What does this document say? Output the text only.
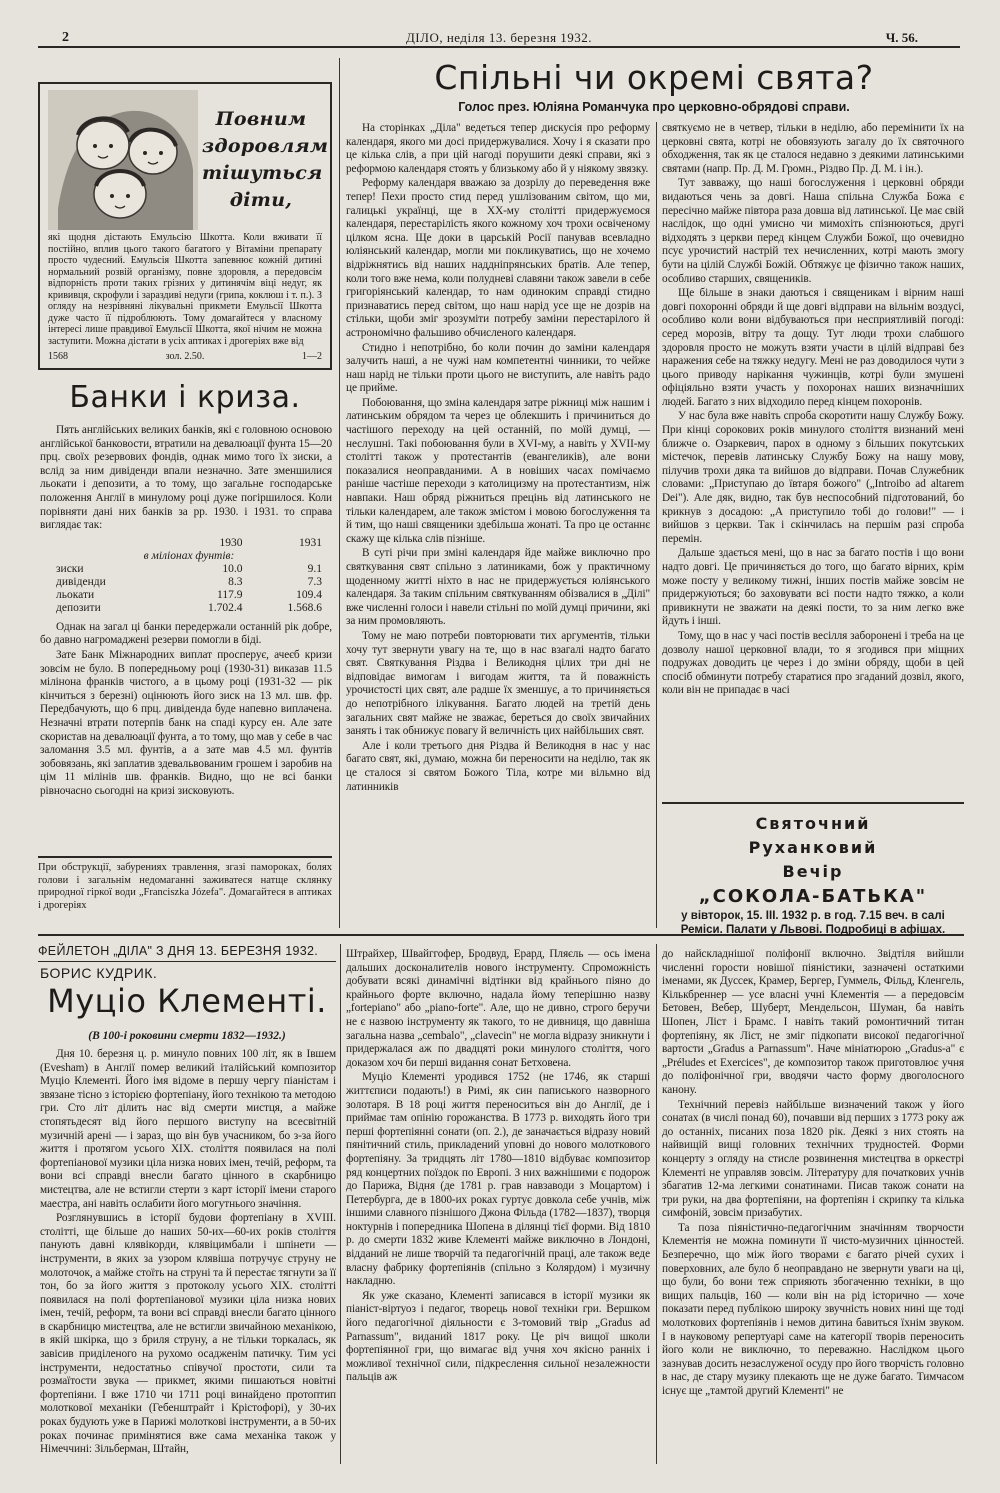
2	ДІЛО, неділя 13. березня 1932.	Ч. 56.
Повним
здоровлям
тішуться
діти,
які щодня дістають Емульсію Шкотта. Коли вживати її постійно, вплив цього такого багатого у Вітаміни препарату просто чудесний. Емульсія Шкотта запевнює кожній дитині нормальний розвій організму, повне здоровля, а передовсім відпорність проти таких грізних у дитинячім віці недуг, як крививця, скрофули і зараздиві недуги (грипа, коклюш і т. п.). З огляду на незрівняні лікувальні прикмети Емульсії Шкотта дуже часто її підроблюють. Тому домагайтеся у власному інтересі лише правдивої Емульсії Шкотта, якої нічим не можна заступити. Можна дістати в усіх аптиках і дрогеріях вже від
1568	зол. 2.50.	1—2
Банки і криза.

Пять англійських великих банків, які є головною основою англійської банковости, втратили на девалюації фунта 15—20 прц. своїх резервових фондів, однак мимо того їх зиски, а вслід за ним дивіденди впали незначно. Зате зменшилися льокати і депозити, а то тому, що загальне господарське положення Англії в минулому році дуже погіршилося. Коли порівняти дані них банків за рр. 1930. і 1931. то справа виглядає так:

	1930	1931
в міліонах фунтів:		
зиски	10.0	9.1
дивіденди	8.3	7.3
льокати	117.9	109.4
депозити	1.702.4	1.568.6

Однак на загал ці банки передержали останній рік добре, бо давно нагромаджені резерви помогли в біді.

Зате Банк Міжнародних виплат проспеpує, ачеєб кризи зовсім не було. В попередньому році (1930-31) виказав 11.5 мілінона франків чистого, а в цьому році (1931-32 — рік кінчиться з березні) оцінюють його зиск на 13 мл. шв. фр. Передбачують, що 6 прц. дивіденда буде напевно виплачена. Незначні втрати потерпів банк на спаді курсу ен. Але зате скористав на девалюації фунта, а то тому, що мав у себе в час заломання 3.5 мл. фунтів, а а зате мав 4.5 мл. фунтів зобовязань, які заплатив здевальвованим грошем і заробив на цім 11 мілінів шв. франків. Видно, що не всі банки рівночасно сьогодні на кризі зисковують.

При обструкції, забурениях травлення, згазі памороках, болях голови і загальнім недомаганні заживатеся натще склянку природної гіркої води „Franciszka Józefa". Домагайтеся в аптиках і дрогеріях
Спільні чи окремі свята?
Голос през. Юліяна Романчука про церковно-обрядові справи.

На сторінках „Діла" ведеться тепер дискусія про реформу календаря, якого ми досі придержувалися. Хочу і я сказати про це кілька слів, а при цій нагоді порушити деякі справи, які з реформою календаря стоять у близькому або й у ніякому звязку.

Реформу календаря вважаю за дозрілу до переведення вже тепер! Пехи просто стид перед ушлізованим світом, що ми, галицькі українці, ще в XX-му столітті придержуємося календаря, перестарілість якого кожному хоч трохи освіченому цілком ясна. Ще доки в царській Росії панував всевладно юліянський календар, могли ми покликуватись, що не хочемо відріжнятись від наших наддніпрянських братів. Але тепер, коли того вже нема, коли полудневі славяни також завели в себе григоріянський календар, то нам одиноким справді стидно признаватись перед світом, що наш нарід усе ще не дозрів на стільки, щоби зміг зрозуміти потребу заміни перестарілого й астрономічно фальшиво обчисленого календаря.

Стидно і непотрібно, бо коли почин до заміни календаря залучить наші, а не чужі нам компетентні чинники, то чейже наш нарід не тільки проти цього не виступить, але навіть радо це прийме.

Побоювання, що зміна календаря затре ріжниці між нашим і латинським обрядом та через це облекшить і причиниться до частішого переходу на цей останній, по моїй думці, — неслушні. Такі побоювання були в XVI-му, а навіть у XVII-му столітті також у протестантів (евангеликів), але вони показалися неоправданими. А в новіших часах помічаємо раніше частіше переходи з католицизму на протестантизм, ніж навпаки. Наш обряд ріжниться прецінь від латинського не тільки календарем, але також змістом і мовою богослуження та й тим, що наші священики здебільша жонаті. Та про це останнє скажу ще кілька слів пізніше.

В суті річи при зміні календаря йде майже виключно про святкування свят спільно з латиниками, бож у практичному щоденному житті ніхто в нас не придержується юліянського календаря. За таким спільним святкуванням обізвалися в „Ділі" вже численні голоси і навели стільні по моїй думці причини, які за ним промовляють.

Тому не маю потреби повторювати тих аргументів, тільки хочу тут звернути увагу на те, що в нас взагалі надто багато свят. Святкування Різдва і Великодня цілих три дні не відповідає вимогам і вигодам життя, та й поважність урочистості цих свят, але радше їх зменшує, а то причиняється до непотрібного ілікування. Багато людей на третій день загальних свят майже не зважає, береться до своїх звичайних занять і так обнижує повагу й величність цих найбільших свят.

Але і коли третього дня Різдва й Великодня в нас у нас багато свят, які, думаю, можна би переносити на неділю, так як це сталося зі святом Божого Тіла, котре ми вільмно від латинників

святкуємо не в четвер, тільки в неділю, або перемінити їх на церковні свята, котрі не обовязують загалу до їх святочного обходження, так як це сталося недавно з деякими латинськими святами (напр. Пр. Д. М. Громн., Різдво Пр. Д. М. і ін.).

Тут завважу, що наші богослуження і церковні обряди видаються чень за довгі. Наша спільна Служба Божа є пересічно майже півтора раза довша від латинської. Це має свій наслідок, що одні умисно чи мимохіть спізнюються, другі відходять з церкви перед кінцем Служби Божої, що очевидно псує урочистий настрій тех нечисленних, котрі мають змогу бути на цілій Службі Божій. Обтяжує це фізично також наших, особливо старших, священиків.

Ще більше в знаки даються і священикам і вірним наші довгі похоронні обряди й ще довгі відправи на вільнім воздусі, особливо коли вони відбуваються при несприятливій погоді: серед морозів, вітру та дощу. Тут люди трохи слабшого здоровля просто не можуть взяти участи в цілій відправі без наражения себе на тяжку недугу. Мені не раз доводилося чути з цього приводу нарікання чужинців, котрі були змушені офіціяльно взяти участь у похоронах наших визначніших людей. Багато з них відходило перед кінцем похоронів.

У нас була вже навіть спроба скоротити нашу Службу Божу. При кінці сорокових років минулого століття визнаний мені ближче о. Озаркевич, парох в одному з більших покутських містечок, перевів латинську Службу Божу на нашу мову, пілучив трохи дяка та вийшов до відправи. Почав Служебник словами: „Приступаю до ївтаря божого" („Introibo ad altarem Dei"). Але дяк, видно, так був неспособний підготований, бо крикнув з досадою: „А приступило тобі до голови!" — і вийшов з церкви. Так і скінчилась на першім разі спроба перемін.

Дальше здається мені, що в нас за багато постів і що вони надто довгі. Це причиняється до того, що багато вірних, крім може посту у великому тижні, інших постів майже зовсім не придержуються; бо заховувати всі пости надто тяжко, а коли привикнути не зважати на деякі пости, то за ним легко вже йдуть і інші.

Тому, що в нас у часі постів весілля заборонені і треба на це дозволу нашої церковної влади, то я згодився при міщних подружах доводить це через і до зміни обряду, щоби в цей спосіб обминути потребу старатися про згаданий дозвіл, якого, коли він не припадає в часі

Святочний
Руханковий
Вечір
„СОКОЛА-БАТЬКА"
у вівторок, 15. III. 1932 р. в год. 7.15 веч. в салі Реміси. Палати у Львові. Подробиці в афішах.
ФЕЙЛЕТОН „ДІЛА" З ДНЯ 13. БЕРЕЗНЯ 1932.
БОРИС КУДРИК.
Муціо Клементі.
(В 100-і роковини смерти 1832—1932.)

Дня 10. березня ц. р. минуло повних 100 літ, як в Івшем (Evesham) в Англії помер великий італійський композитор Муціо Клементі. Його імя відоме в першу чергу піаністам і звязане тісно з історією фортепіану, його технікою та методою гри. Сто літ ділить нас від смерти мистця, а майже стопятьдесят від його першого виступу на всесвітній музичній арені — і зараз, що він був учасником, бо з-за його життя і протягом усього XIX. століття появилася на полі фортепіанової музики ціла низка нових імен, течій, реформ, та вони всі справді внесли багато цінного в скарбницю мистецтва, але не встигли стерти з карт історії імени старого маестра, ані навіть ослабити його могутнього значіння.

Розглянувшись в історії будови фортепіану в XVIII. столітті, ще більше до наших 50-их—60-их років століття панують давні клявікорди, клявіцимбали і шпінети — інструменти, в яких за узором клявіша потручує струну не молоточок, а майже стоїть на струні та й перестає тягнути за її тон, бо за його життя з протоколу усього XIX. столітті появилася на полі фортепіанової музики ціла низка нових імен, течій, реформ, та вони всі справді внесли багато цінного в скарбницю мистецтва, але не встигли звичайною механікою, в якій шкірка, що з бриля струну, а не тільки торкалась, як завісив приділеного на рухомо осадженім патичку. Тим усі інструменти, недостатньо співучої простоти, сили та розмаїтости звука — прикмет, якими пишаються новітні фортепіяни. І вже 1710 чи 1711 році винайдено протоптип молоткової механіки (Гебенштрайт і Крістофорі), у 30-их роках будують уже в Парижі молоткові інструменти, а в 50-их роках починає примінятися вже сама механіка також у Німеччині: Зільберман, Штайн,

Штрайхер, Швайггофер, Бродвуд, Ерард, Пляєль — ось імена дальших досконалителів нового інструменту. Спроможність добувати всякі динамічні відтінки від крайнього піяно до крайнього форте включно, надала йому теперішню назву „fortepiano" або „piano-forte". Але, що не дивно, строго беручи не є назвою інструменту як такого, то не дивниця, що давніша загальна назва „cembalo", „clavecin" не могла відразу зникнути і придержалася аж по двадцяті роки минулого століття, чого доказом хоч би перші видання сонат Бетховена.

Муціо Клементі уродився 1752 (не 1746, як старші життєписи подають!) в Римі, як син паписького назворного золотаря. В 18 році життя переноситься він до Англії, де і приймає там опінію горожанства. В 1773 р. виходять його три перші фортепіянні сонати (оп. 2.), де заначається відразу новий пянітичний стиль, прикладений уповні до нового молоткового фортепіяну. За тридцять літ 1780—1810 відбуває композитор ряд концертних поїздок по Европі. З них важнішими є подорож до Парижа, Відня (де 1781 р. грав навзаводи з Моцартом) і Петербурга, де в 1800-их роках гуртує довкола себе учнів, між іншими славного пізнішого Джона Фільда (1782—1837), творця ноктурнів і попередника Шопена в ділянці тієї форми. Від 1810 р. до смерти 1832 живе Клементі майже виключно в Лондоні, відданий не лише творчій та педагогічній праці, але також веде власну фабрику фортепіянів (спільно з Колярдом) і музичну накладню.

Як уже сказано, Клементі записався в історії музики як піаніст-віртуоз і педагог, творець нової техніки гри. Вершком його педагогічної діяльности є 3-томовий твір „Gradus ad Parnassum", виданий 1817 року. Це річ вищої школи фортепіянної гри, що вимагає від учня хоч якісно ранніх і можливої технічної сили, підкреслення сильної незалежности пальців аж

до найскладнішої поліфонії включно. Звідтіля вийшли численні гоpости новішої піяністики, зазначені остаткими іменами, як Дуссек, Крамер, Бергер, Гуммель, Фільд, Кленгель, Кількбреннер — усе власні учні Клементія — а передовсім Бетовен, Вебер, Шуберт, Мендельсон, Шуман, ба навіть Шопен, Ліст і Брамс. І навіть такий ромонтичний титан фортепіяну, як Ліст, не зміг підкопати високої педагогічної вартости „Gradus a Parnassum". Наче мініатюрою „Gradus-a" є „Préludes et Exercices", де композитор також приготовлює учня до поліфонічної гри, вводячи часто форму двоголосного канону.

Технічний перевіз найбільше визначений також у його сонатах (в числі понад 60), почавши від перших з 1773 року аж до останніх, писаних поза 1820 рік. Деякі з них стоять на найвищій вищі головних технічних трудностей. Форми концерту з огляду на стисле розвинення мистецтва в оркестрі Клементі не управляв зовсім. Літературу для початкових учнів збагатив 12-ма легкими сонатинами. Писав також сонати на три руки, на два фортепіяни, на фортепіян і скрипку та кілька симфоній, зовсім призабутих.

Та поза піяністично-педагогічним значінням творчости Клементія не можна поминути її чисто-музичних цінностей. Безперечно, що між його творами є багато річей сухих і поверховних, але було б неоправдано не звернути уваги на ці, що були, бо вони теж сприяють збогаченню техніки, в що вищих пальців, 160 — коли він на рід історично — хоче показати перед публікою широку звучність нових нині ще тоді молоткових фортепіянів і немов дитина бавиться їхнім звуком. І в науковому репертуарі саме на категорії творів переносить його коли не виключно, то переважно. Наслідком цього зазнував досить незаслуженої осуду про його творчість головно в нас, де стару музику плекають ще не дуже багато. Тимчасом існує ще „тамтой другий Клементі" не
